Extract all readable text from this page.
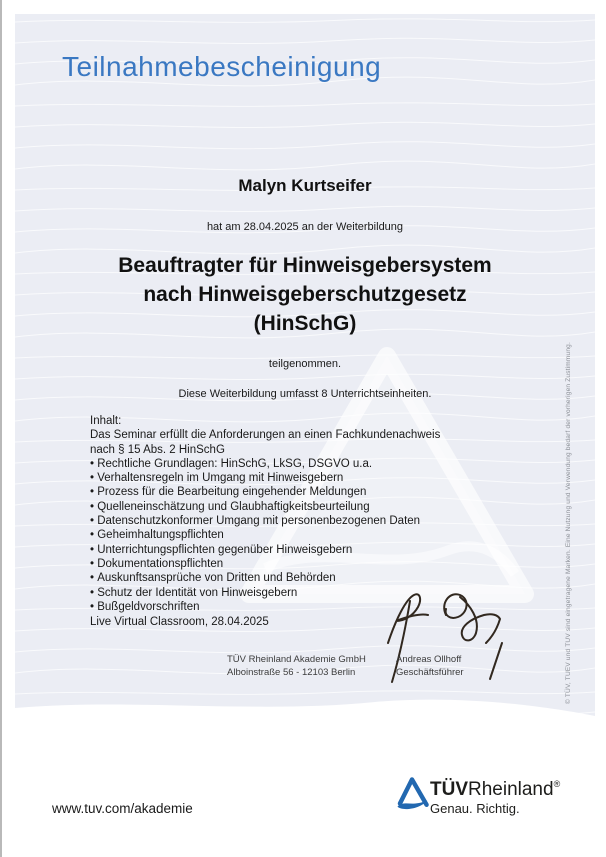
Teilnahmebescheinigung
Malyn Kurtseifer
hat am 28.04.2025 an der Weiterbildung
Beauftragter für Hinweisgebersystem
nach Hinweisgeberschutzgesetz
(HinSchG)
teilgenommen.
Diese Weiterbildung umfasst 8 Unterrichtseinheiten.
Inhalt:
Das Seminar erfüllt die Anforderungen an einen Fachkundenachweis
nach § 15 Abs. 2 HinSchG
• Rechtliche Grundlagen: HinSchG, LkSG, DSGVO u.a.
• Verhaltensregeln im Umgang mit Hinweisgebern
• Prozess für die Bearbeitung eingehender Meldungen
• Quelleneinschätzung und Glaubhaftigkeitsbeurteilung
• Datenschutzkonformer Umgang mit personenbezogenen Daten
• Geheimhaltungspflichten
• Unterrichtungspflichten gegenüber Hinweisgebern
• Dokumentationspflichten
• Auskunftsansprüche von Dritten und Behörden
• Schutz der Identität von Hinweisgebern
• Bußgeldvorschriften
Live Virtual Classroom, 28.04.2025
TÜV Rheinland Akademie GmbH
Alboinstraße 56 - 12103 Berlin
Andreas Ollhoff
Geschäftsführer	© TÜV, TUEV und TUV sind eingetragene Marken. Eine Nutzung und Verwendung bedarf der vorherigen Zustimmung.
www.tuv.com/akademie
TÜVRheinland®
Genau. Richtig.
